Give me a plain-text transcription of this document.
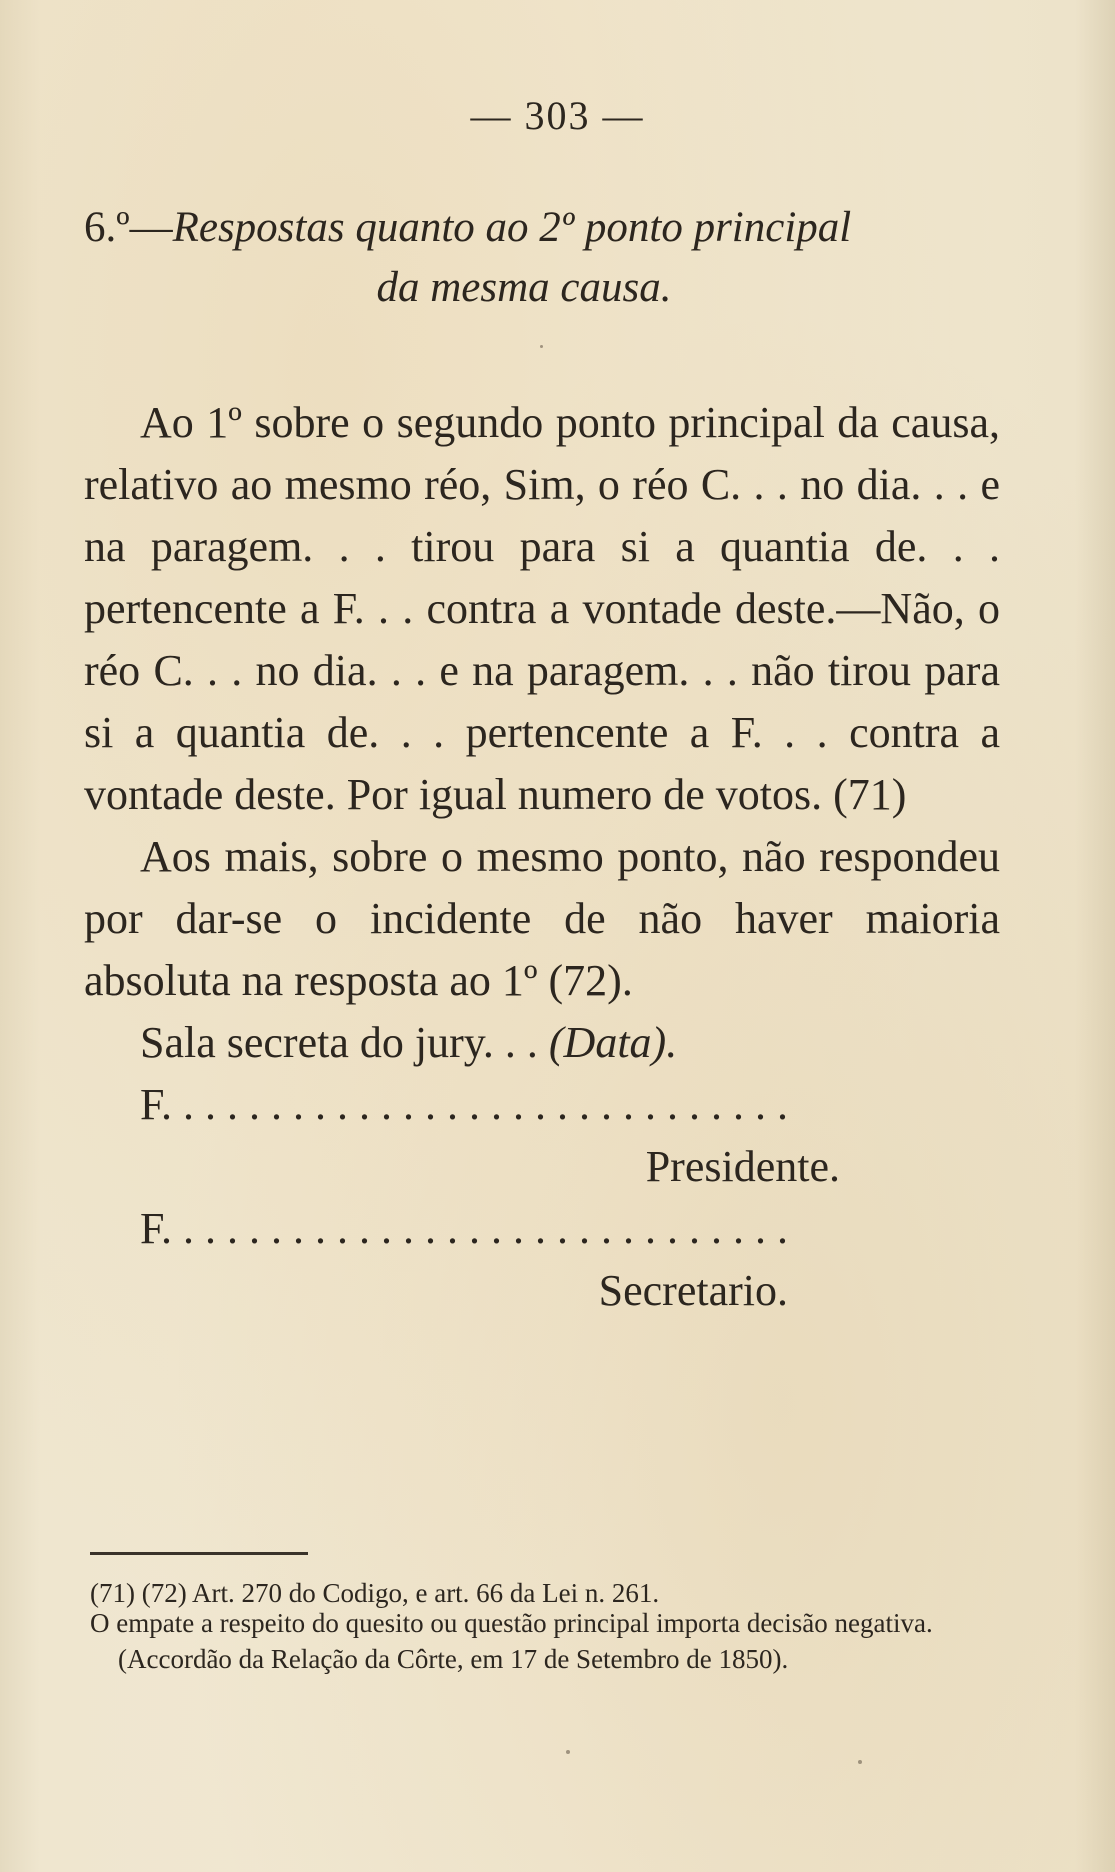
— 303 —
6.º—Respostas quanto ao 2º ponto principal
da mesma causa.

Ao 1º sobre o segundo ponto principal da causa, relativo ao mesmo réo, Sim, o réo C. . . no dia. . . e na paragem. . . tirou para si a quantia de. . . pertencente a F. . . contra a vontade deste.—Não, o réo C. . . no dia. . . e na paragem. . . não tirou para si a quantia de. . . pertencente a F. . . contra a vontade deste. Por igual numero de votos. (71)

Aos mais, sobre o mesmo ponto, não respondeu por dar-se o incidente de não haver maioria absoluta na resposta ao 1º (72).

Sala secreta do jury. . . (Data).

F. . . . . . . . . . . . . . . . . . . . . . . . . . . . .
Presidente.
F. . . . . . . . . . . . . . . . . . . . . . . . . . . . .
Secretario.

(71) (72) Art. 270 do Codigo, e art. 66 da Lei n. 261.

O empate a respeito do quesito ou questão principal importa decisão negativa.

(Accordão da Relação da Côrte, em 17 de Setembro de 1850).
